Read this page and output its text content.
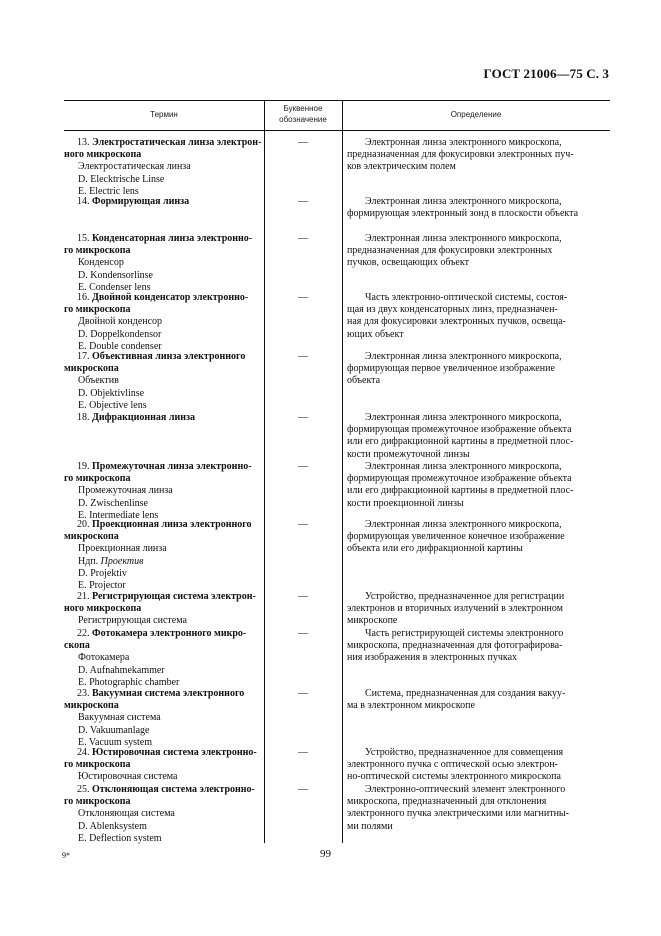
ГОСТ 21006—75 С. 3
Термин
Буквенное
обозначение
Определение
13. Электростатическая линза электрон-
ного микроскопа
Электростатическая линза
D. Elecktrische Linse
E. Electric lens
—	Электронная линза электронного микроскопа,
предназначенная для фокусировки электронных пуч-
ков электрическим полем
14. Формирующая линза	—	Электронная линза электронного микроскопа,
формирующая электронный зонд в плоскости объекта
15. Конденсаторная линза электронно-
го микроскопа
Конденсор
D. Kondensorlinse
E. Condenser lens
—	Электронная линза электронного микроскопа,
предназначенная для фокусировки электронных
пучков, освещающих объект
16. Двойной конденсатор электронно-
го микроскопа
Двойной конденсор
D. Doppelkondensor
E. Double condenser
—	Часть электронно-оптической системы, состоя-
щая из двух конденсаторных линз, предназначен-
ная для фокусировки электронных пучков, освеща-
ющих объект
17. Объективная линза электронного
микроскопа
Объектив
D. Objektivlinse
E. Objective lens
—	Электронная линза электронного микроскопа,
формирующая первое увеличенное изображение
объекта
18. Дифракционная линза	—	Электронная линза электронного микроскопа,
формирующая промежуточное изображение объекта
или его дифракционной картины в предметной плос-
кости промежуточной линзы
19. Промежуточная линза электронно-
го микроскопа
Промежуточная линза
D. Zwischenlinse
E. Intermediate lens
—	Электронная линза электронного микроскопа,
формирующая промежуточное изображение объекта
или его дифракционной картины в предметной плос-
кости проекционной линзы
20. Проекционная линза электронного
микроскопа
Проекционная линза
Ндп. Проектив
D. Projektiv
E. Projector
—	Электронная линза электронного микроскопа,
формирующая увеличенное конечное изображение
объекта или его дифракционной картины
21. Регистрирующая система электрон-
ного микроскопа
Регистрирующая система
—	Устройство, предназначенное для регистрации
электронов и вторичных излучений в электронном
микроскопе
22. Фотокамера электронного микро-
скопа
Фотокамера
D. Aufnahmekammer
E. Photographic chamber
—	Часть регистрирующей системы электронного
микроскопа, предназначенная для фотографирова-
ния изображения в электронных пучках
23. Вакуумная система электронного
микроскопа
Вакуумная система
D. Vakuumanlage
E. Vacuum system
—	Система, предназначенная для создания вакуу-
ма в электронном микроскопе
24. Юстировочная система электронно-
го микроскопа
Юстировочная система
—	Устройство, предназначенное для совмещения
электронного пучка с оптической осью электрон-
но-оптической системы электронного микроскопа
25. Отклоняющая система электронно-
го микроскопа
Отклоняющая система
D. Ablenksystem
E. Deflection system
—	Электронно-оптический элемент электронного
микроскопа, предназначенный для отклонения
электронного пучка электрическими или магнитны-
ми полями
9*	99
